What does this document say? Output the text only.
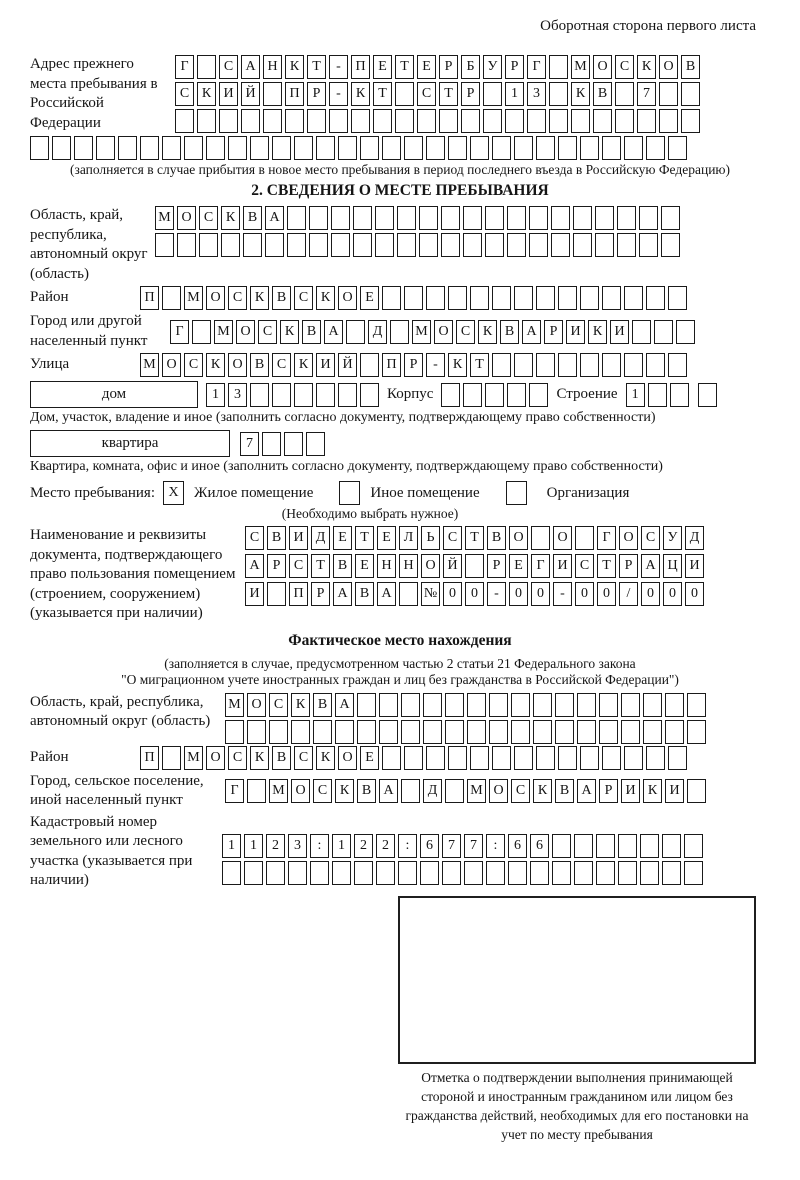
Оборотная сторона первого листа
Адрес прежнего места пребывания в Российской Федерации
Г	С А Н К Т	-	П Е Т Е Р	Б У Р	Г	М О С К О В
С К И Й	П Р	-	К Т	С Т Р	1	3	К В	7
(заполняется в случае прибытия в новое место пребывания в период последнего въезда в Российскую Федерацию)
2. СВЕДЕНИЯ О МЕСТЕ ПРЕБЫВАНИЯ
Область, край, республика, автономный округ (область)
М О С К В А
Район	П	М О С К В С К О Е
Город или другой населенный пункт
Г	М О С К В А	Д	М О С К В А Р И К И
Улица	М О С К О В С К И Й	П Р	-	К Т
дом	1	3	Корпус	Строение	1
Дом, участок, владение и иное (заполнить согласно документу, подтверждающему право собственности)
квартира	7
Квартира, комната, офис и иное (заполнить согласно документу, подтверждающему право собственности)
Место пребывания: X	Жилое помещение	Иное помещение	Организация
(Необходимо выбрать нужное)
Наименование и реквизиты документа, подтверждающего право пользования помещением (строением, сооружением) (указывается при наличии)
С В И Д Е Т Е Л Ь С Т В О	О	Г О С У Д
А Р С Т В Е Н Н О Й	Р Е Г И С Т Р А Ц И
И	П Р А В А	№ 0	0	-	0	0	-	0	0	/	0	0	0
Фактическое место нахождения
(заполняется в случае, предусмотренном частью 2 статьи 21 Федерального закона
"О миграционном учете иностранных граждан и лиц без гражданства в Российской Федерации")
Область, край, республика, автономный округ (область)
М О С К В А
Район	П	М О С К В С К О Е
Город, сельское поселение, иной населенный пункт
Г	М О С К В А	Д	М О С К В А Р И К И
Кадастровый номер земельного или лесного участка (указывается при наличии)
1	1	2	3	:	1	2	2	:	6	7	7	:	6	6
Отметка о подтверждении выполнения принимающей стороной и иностранным гражданином или лицом без гражданства действий, необходимых для его постановки на учет по месту пребывания
